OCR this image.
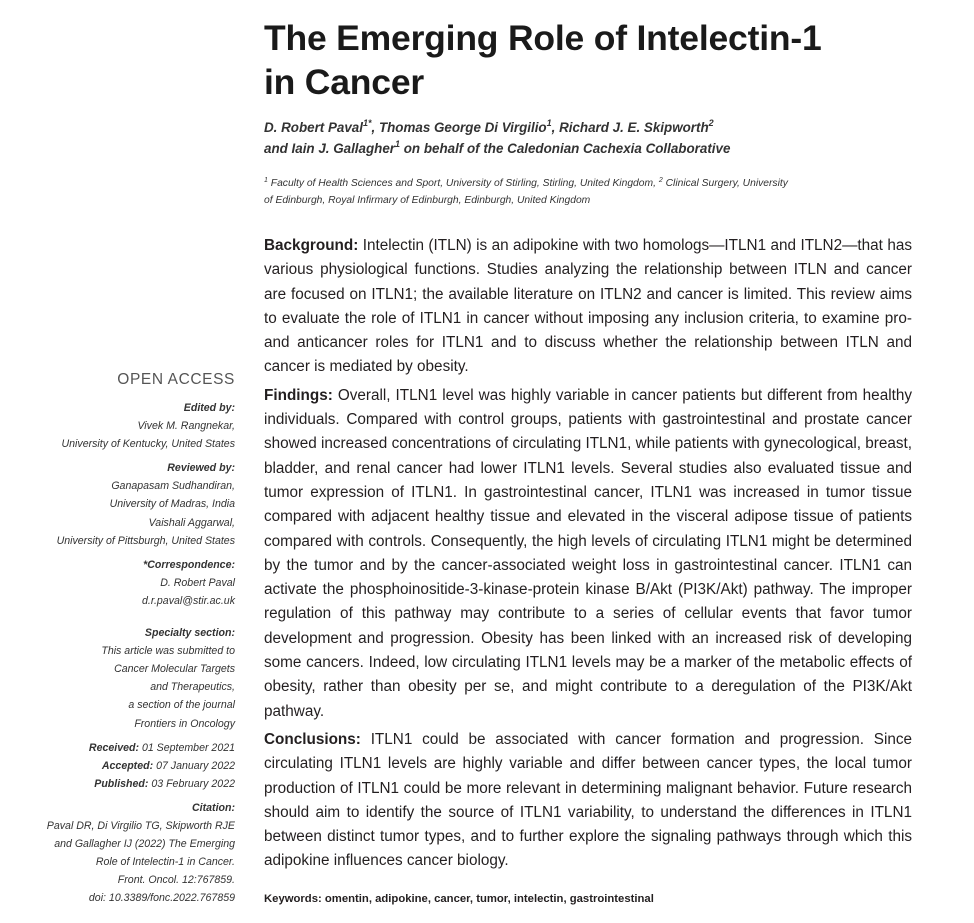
The Emerging Role of Intelectin-1
in Cancer
D. Robert Paval$^{1*}$, Thomas George Di Virgilio$^1$, Richard J. E. Skipworth$^2$
and Iain J. Gallagher$^1$ on behalf of the Caledonian Cachexia Collaborative
$^1$ Faculty of Health Sciences and Sport, University of Stirling, Stirling, United Kingdom, $^2$ Clinical Surgery, University
of Edinburgh, Royal Infirmary of Edinburgh, Edinburgh, United Kingdom

Background: Intelectin (ITLN) is an adipokine with two homologs—ITLN1 and ITLN2—that has various physiological functions. Studies analyzing the relationship between ITLN and cancer are focused on ITLN1; the available literature on ITLN2 and cancer is limited. This review aims to evaluate the role of ITLN1 in cancer without imposing any inclusion criteria, to examine pro- and anticancer roles for ITLN1 and to discuss whether the relationship between ITLN and cancer is mediated by obesity.

Findings: Overall, ITLN1 level was highly variable in cancer patients but different from healthy individuals. Compared with control groups, patients with gastrointestinal and prostate cancer showed increased concentrations of circulating ITLN1, while patients with gynecological, breast, bladder, and renal cancer had lower ITLN1 levels. Several studies also evaluated tissue and tumor expression of ITLN1. In gastrointestinal cancer, ITLN1 was increased in tumor tissue compared with adjacent healthy tissue and elevated in the visceral adipose tissue of patients compared with controls. Consequently, the high levels of circulating ITLN1 might be determined by the tumor and by the cancer-associated weight loss in gastrointestinal cancer. ITLN1 can activate the phosphoinositide-3-kinase-protein kinase B/Akt (PI3K/Akt) pathway. The improper regulation of this pathway may contribute to a series of cellular events that favor tumor development and progression. Obesity has been linked with an increased risk of developing some cancers. Indeed, low circulating ITLN1 levels may be a marker of the metabolic effects of obesity, rather than obesity per se, and might contribute to a deregulation of the PI3K/Akt pathway.

Conclusions: ITLN1 could be associated with cancer formation and progression. Since circulating ITLN1 levels are highly variable and differ between cancer types, the local tumor production of ITLN1 could be more relevant in determining malignant behavior. Future research should aim to identify the source of ITLN1 variability, to understand the differences in ITLN1 between distinct tumor types, and to further explore the signaling pathways through which this adipokine influences cancer biology.

Keywords: omentin, adipokine, cancer, tumor, intelectin, gastrointestinal
OPEN ACCESS
Edited by:
Vivek M. Rangnekar,
University of Kentucky, United States
Reviewed by:
Ganapasam Sudhandiran,
University of Madras, India
Vaishali Aggarwal,
University of Pittsburgh, United States
*Correspondence:
D. Robert Paval
d.r.paval@stir.ac.uk
Specialty section:
This article was submitted to
Cancer Molecular Targets
and Therapeutics,
a section of the journal
Frontiers in Oncology
Received: 01 September 2021
Accepted: 07 January 2022
Published: 03 February 2022
Citation:
Paval DR, Di Virgilio TG, Skipworth RJE
and Gallagher IJ (2022) The Emerging
Role of Intelectin-1 in Cancer.
Front. Oncol. 12:767859.
doi: 10.3389/fonc.2022.767859
